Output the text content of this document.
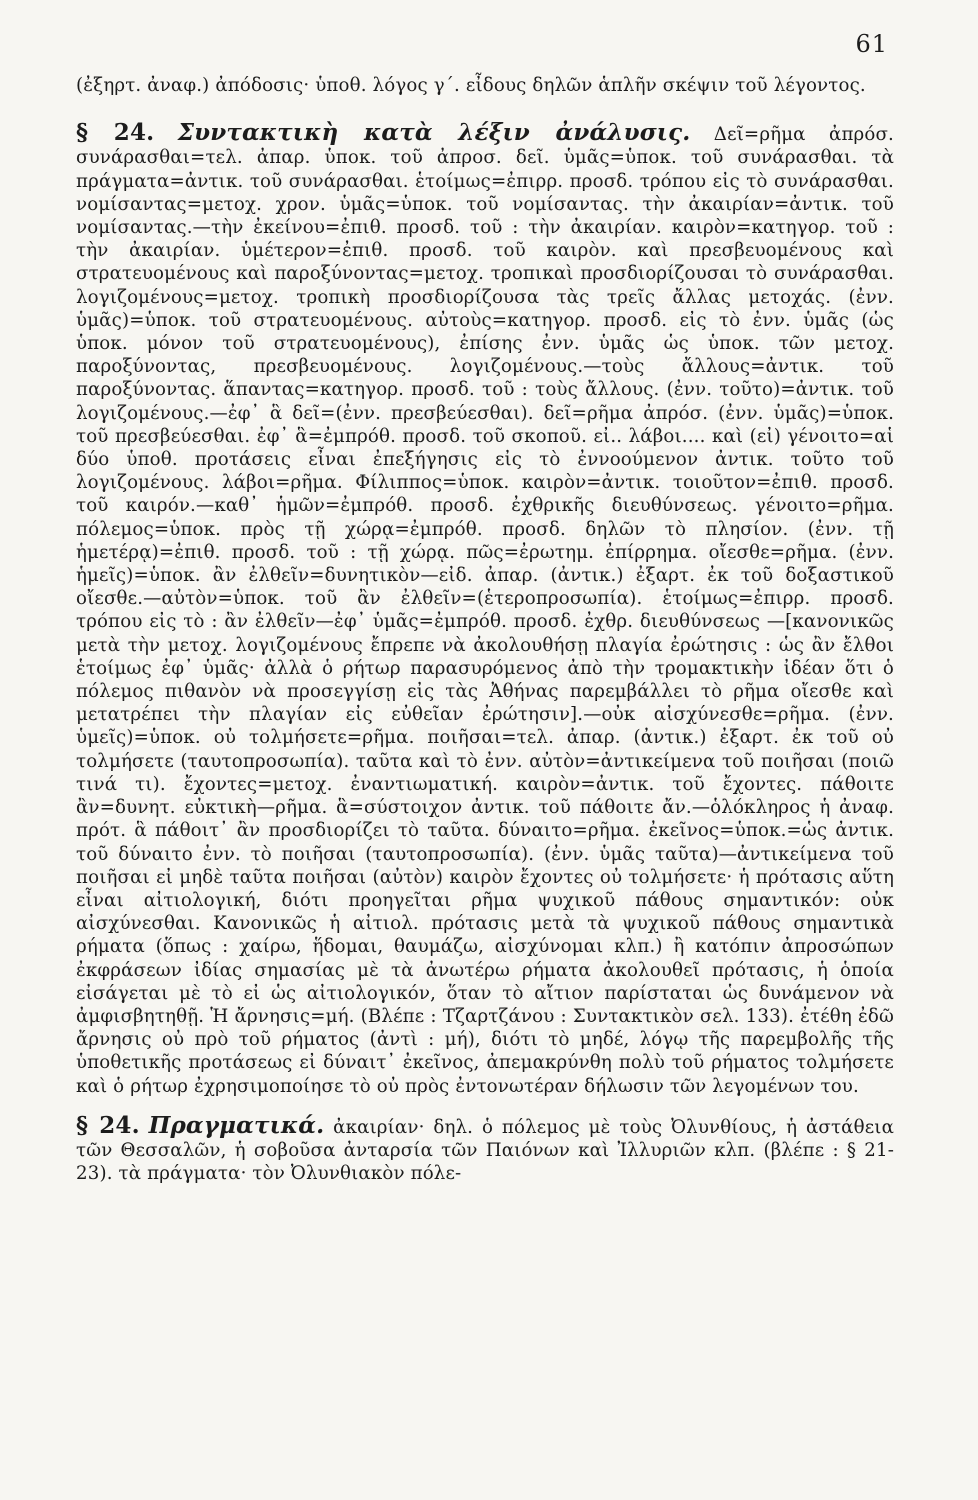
61

(ἐξηρτ. ἀναφ.) ἀπόδοσις· ὑποθ. λόγος γ΄. εἶδους δηλῶν ἁπλῆν σκέψιν τοῦ λέγοντος.

§ 24. Συντακτικὴ κατὰ λέξιν ἀνάλυσις. Δεῖ=ρῆμα ἀπρόσ. συνάρασθαι=τελ. ἀπαρ. ὑποκ. τοῦ ἀπροσ. δεῖ. ὑμᾶς=ὑποκ. τοῦ συνάρασθαι. τὰ πράγματα=ἀντικ. τοῦ συνάρασθαι. ἑτοίμως=ἐπιρρ. προσδ. τρόπου εἰς τὸ συνάρασθαι. νομίσαντας=μετοχ. χρον. ὑμᾶς=ὑποκ. τοῦ νομίσαντας. τὴν ἀκαιρίαν=ἀντικ. τοῦ νομίσαντας.—τὴν ἐκείνου=ἐπιθ. προσδ. τοῦ : τὴν ἀκαιρίαν. καιρὸν=κατηγορ. τοῦ : τὴν ἀκαιρίαν. ὑμέτερον=ἐπιθ. προσδ. τοῦ καιρὸν. καὶ πρεσβευομένους καὶ στρατευομένους καὶ παροξύνοντας=μετοχ. τροπικαὶ προσδιορίζουσαι τὸ συνάρασθαι. λογιζομένους=μετοχ. τροπικὴ προσδιορίζουσα τὰς τρεῖς ἄλλας μετοχάς. (ἐνν. ὑμᾶς)=ὑποκ. τοῦ στρατευομένους. αὐτοὺς=κατηγορ. προσδ. εἰς τὸ ἐνν. ὑμᾶς (ὡς ὑποκ. μόνον τοῦ στρατευομένους), ἐπίσης ἐνν. ὑμᾶς ὡς ὑποκ. τῶν μετοχ. παροξύνοντας, πρεσβευομένους. λογιζομένους.—τοὺς ἄλλους=ἀντικ. τοῦ παροξύνοντας. ἅπαντας=κατηγορ. προσδ. τοῦ : τοὺς ἄλλους. (ἐνν. τοῦτο)=ἀντικ. τοῦ λογιζομένους.—ἐφ᾽ ἃ δεῖ=(ἐνν. πρεσβεύεσθαι). δεῖ=ρῆμα ἀπρόσ. (ἐνν. ὑμᾶς)=ὑποκ. τοῦ πρεσβεύεσθαι. ἐφ᾽ ἃ=ἐμπρόθ. προσδ. τοῦ σκοποῦ. εἰ.. λάβοι.... καὶ (εἰ) γένοιτο=αἱ δύο ὑποθ. προτάσεις εἶναι ἐπεξήγησις εἰς τὸ ἐννοούμενον ἀντικ. τοῦτο τοῦ λογιζομένους. λάβοι=ρῆμα. Φίλιππος=ὑποκ. καιρὸν=ἀντικ. τοιοῦτον=ἐπιθ. προσδ. τοῦ καιρόν.—καθ᾽ ἡμῶν=ἐμπρόθ. προσδ. ἐχθρικῆς διευθύνσεως. γένοιτο=ρῆμα. πόλεμος=ὑποκ. πρὸς τῇ χώρᾳ=ἐμπρόθ. προσδ. δηλῶν τὸ πλησίον. (ἐνν. τῇ ἡμετέρᾳ)=ἐπιθ. προσδ. τοῦ : τῇ χώρᾳ. πῶς=ἐρωτημ. ἐπίρρημα. οἴεσθε=ρῆμα. (ἐνν. ἡμεῖς)=ὑποκ. ἂν ἐλθεῖν=δυνητικὸν—εἰδ. ἀπαρ. (ἀντικ.) ἐξαρτ. ἐκ τοῦ δοξαστικοῦ οἴεσθε.—αὐτὸν=ὑποκ. τοῦ ἂν ἐλθεῖν=(ἑτεροπροσωπία). ἑτοίμως=ἐπιρρ. προσδ. τρόπου εἰς τὸ : ἂν ἐλθεῖν—ἐφ᾽ ὑμᾶς=ἐμπρόθ. προσδ. ἐχθρ. διευθύνσεως —[κανονικῶς μετὰ τὴν μετοχ. λογιζομένους ἔπρεπε νὰ ἀκολουθήσῃ πλαγία ἐρώτησις : ὡς ἂν ἔλθοι ἑτοίμως ἐφ᾽ ὑμᾶς· ἀλλὰ ὁ ρήτωρ παρασυρόμενος ἀπὸ τὴν τρομακτικὴν ἰδέαν ὅτι ὁ πόλεμος πιθανὸν νὰ προσεγγίσῃ εἰς τὰς Ἀθήνας παρεμβάλλει τὸ ρῆμα οἴεσθε καὶ μετατρέπει τὴν πλαγίαν εἰς εὐθεῖαν ἐρώτησιν].—οὐκ αἰσχύνεσθε=ρῆμα. (ἐνν. ὑμεῖς)=ὑποκ. οὐ τολμήσετε=ρῆμα. ποιῆσαι=τελ. ἀπαρ. (ἀντικ.) ἐξαρτ. ἐκ τοῦ οὐ τολμήσετε (ταυτοπροσωπία). ταῦτα καὶ τὸ ἐνν. αὐτὸν=ἀντικείμενα τοῦ ποιῆσαι (ποιῶ τινά τι). ἔχοντες=μετοχ. ἐναντιωματική. καιρὸν=ἀντικ. τοῦ ἔχοντες. πάθοιτε ἂν=δυνητ. εὐκτικὴ—ρῆμα. ἃ=σύστοιχον ἀντικ. τοῦ πάθοιτε ἄν.—ὁλόκληρος ἡ ἀναφ. πρότ. ἃ πάθοιτ᾽ ἂν προσδιορίζει τὸ ταῦτα. δύναιτο=ρῆμα. ἐκεῖνος=ὑποκ.=ὡς ἀντικ. τοῦ δύναιτο ἐνν. τὸ ποιῆσαι (ταυτοπροσωπία). (ἐνν. ὑμᾶς ταῦτα)—ἀντικείμενα τοῦ ποιῆσαι εἰ μηδὲ ταῦτα ποιῆσαι (αὐτὸν) καιρὸν ἔχοντες οὐ τολμήσετε· ἡ πρότασις αὕτη εἶναι αἰτιολογική, διότι προηγεῖται ρῆμα ψυχικοῦ πάθους σημαντικόν: οὐκ αἰσχύνεσθαι. Κανονικῶς ἡ αἰτιολ. πρότασις μετὰ τὰ ψυχικοῦ πάθους σημαντικὰ ρήματα (ὅπως : χαίρω, ἥδομαι, θαυμάζω, αἰσχύνομαι κλπ.) ἢ κατόπιν ἀπροσώπων ἐκφράσεων ἰδίας σημασίας μὲ τὰ ἀνωτέρω ρήματα ἀκολουθεῖ πρότασις, ἡ ὁποία εἰσάγεται μὲ τὸ εἰ ὡς αἰτιολογικόν, ὅταν τὸ αἴτιον παρίσταται ὡς δυνάμενον νὰ ἀμφισβητηθῇ. Ἡ ἄρνησις=μή. (Βλέπε : Τζαρτζάνου : Συντακτικὸν σελ. 133). ἐτέθη ἐδῶ ἄρνησις οὐ πρὸ τοῦ ρήματος (ἀντὶ : μή), διότι τὸ μηδέ, λόγῳ τῆς παρεμβολῆς τῆς ὑποθετικῆς προτάσεως εἰ δύναιτ᾽ ἐκεῖνος, ἀπεμακρύνθη πολὺ τοῦ ρήματος τολμήσετε καὶ ὁ ρήτωρ ἐχρησιμοποίησε τὸ οὐ πρὸς ἐντονωτέραν δήλωσιν τῶν λεγομένων του.

§ 24. Πραγματικά. ἀκαιρίαν· δηλ. ὁ πόλεμος μὲ τοὺς Ὀλυνθίους, ἡ ἀστάθεια τῶν Θεσσαλῶν, ἡ σοβοῦσα ἀνταρσία τῶν Παιόνων καὶ Ἰλλυριῶν κλπ. (βλέπε : § 21-23). τὰ πράγματα· τὸν Ὀλυνθιακὸν πόλε-
